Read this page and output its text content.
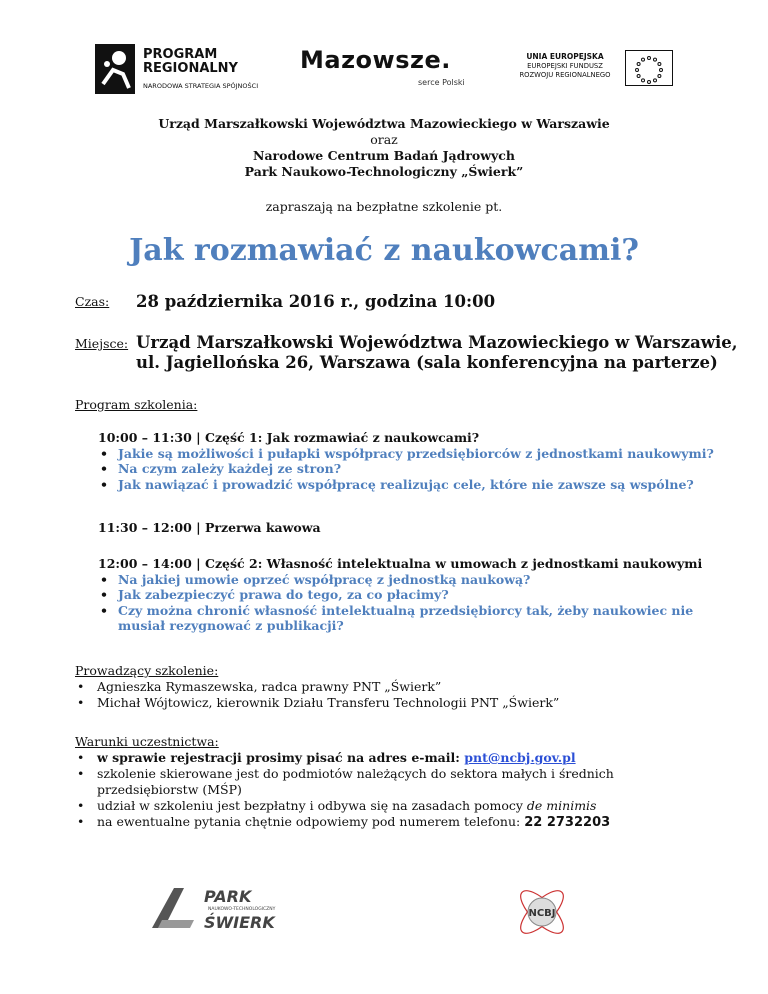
PROGRAM
REGIONALNY
NARODOWA STRATEGIA SPÓJNOŚCI
Mazowsze.
serce Polski
UNIA EUROPEJSKA
EUROPEJSKI FUNDUSZ
ROZWOJU REGIONALNEGO
Urząd Marszałkowski Województwa Mazowieckiego w Warszawie
oraz
Narodowe Centrum Badań Jądrowych
Park Naukowo-Technologiczny „Świerk”
zapraszają na bezpłatne szkolenie pt.
Jak rozmawiać z naukowcami?
Czas: 28 października 2016 r., godzina 10:00
Miejsce: Urząd Marszałkowski Województwa Mazowieckiego w Warszawie,
ul. Jagiellońska 26, Warszawa (sala konferencyjna na parterze)
Program szkolenia:
10:00 – 11:30 | Część 1: Jak rozmawiać z naukowcami?
• Jakie są możliwości i pułapki współpracy przedsiębiorców z jednostkami naukowymi?
• Na czym zależy każdej ze stron?
• Jak nawiązać i prowadzić współpracę realizując cele, które nie zawsze są wspólne?
11:30 – 12:00 | Przerwa kawowa
12:00 – 14:00 | Część 2: Własność intelektualna w umowach z jednostkami naukowymi
• Na jakiej umowie oprzeć współpracę z jednostką naukową?
• Jak zabezpieczyć prawa do tego, za co płacimy?
• Czy można chronić własność intelektualną przedsiębiorcy tak, żeby naukowiec nie
musiał rezygnować z publikacji?
Prowadzący szkolenie:
• Agnieszka Rymaszewska, radca prawny PNT „Świerk”
• Michał Wójtowicz, kierownik Działu Transferu Technologii PNT „Świerk”
Warunki uczestnictwa:
• w sprawie rejestracji prosimy pisać na adres e-mail: pnt@ncbj.gov.pl
• szkolenie skierowane jest do podmiotów należących do sektora małych i średnich
przedsiębiorstw (MŚP)
• udział w szkoleniu jest bezpłatny i odbywa się na zasadach pomocy de minimis
• na ewentualne pytania chętnie odpowiemy pod numerem telefonu: 22 2732203
PARK
NAUKOWO-TECHNOLOGICZNY
ŚWIERK	NCBJ
